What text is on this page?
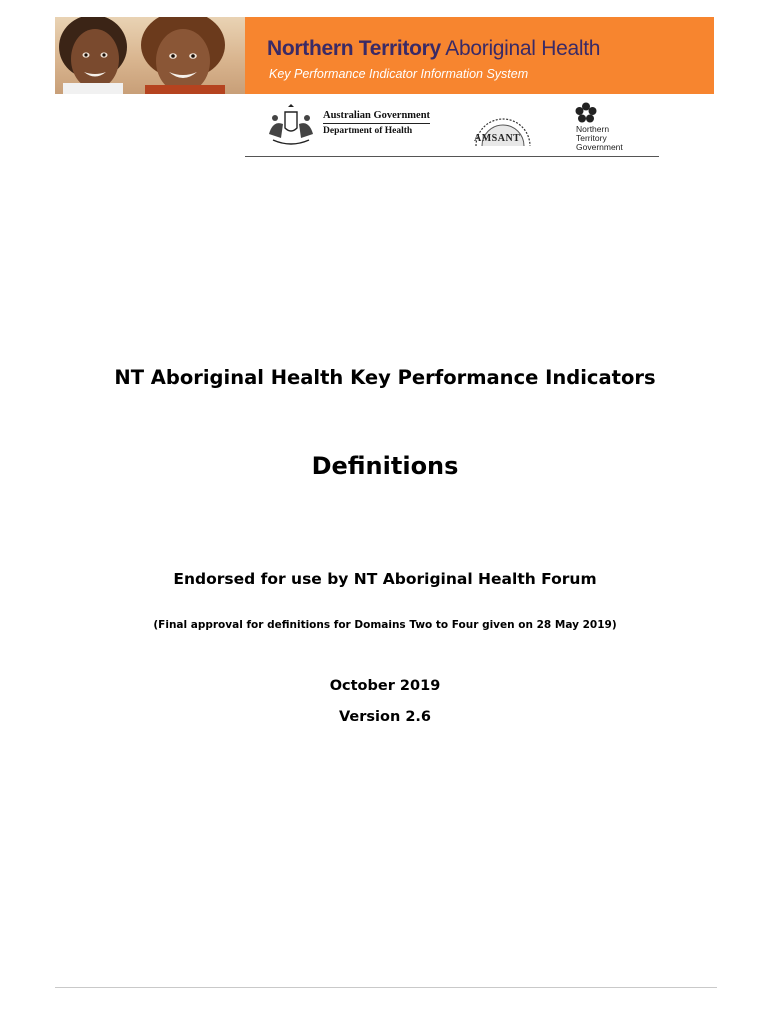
Northern Territory Aboriginal Health
Key Performance Indicator Information System
Australian Government
Department of Health
AMSANT
Northern
Territory
Government
NT Aboriginal Health Key Performance Indicators
Definitions
Endorsed for use by NT Aboriginal Health Forum
(Final approval for definitions for Domains Two to Four given on 28 May 2019)
October 2019
Version 2.6
